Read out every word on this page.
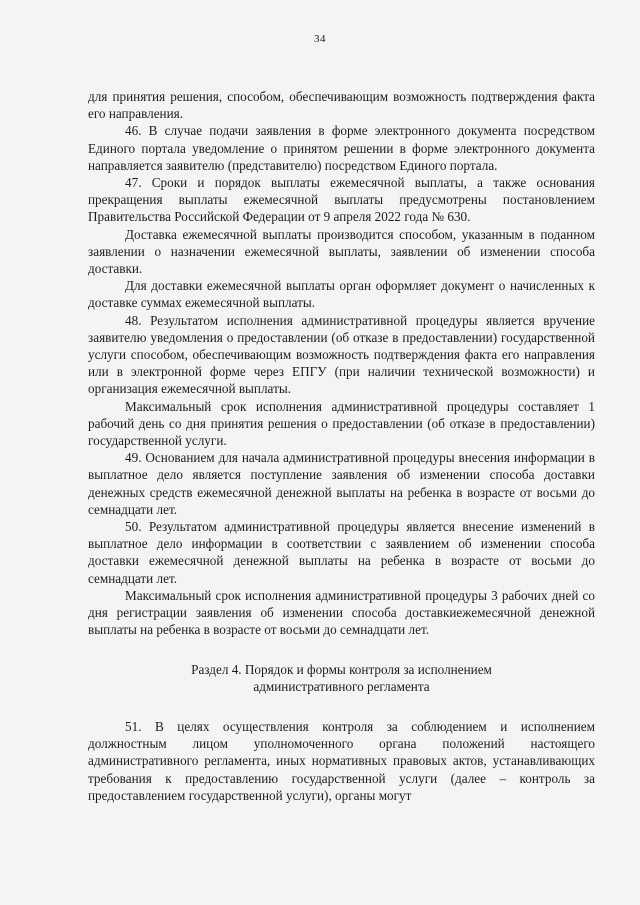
34

для принятия решения, способом, обеспечивающим возможность подтверждения факта его направления.

46. В случае подачи заявления в форме электронного документа посредством Единого портала уведомление о принятом решении в форме электронного документа направляется заявителю (представителю) посредством Единого портала.

47. Сроки и порядок выплаты ежемесячной выплаты, а также основания прекращения выплаты ежемесячной выплаты предусмотрены постановлением Правительства Российской Федерации от 9 апреля 2022 года № 630.

Доставка ежемесячной выплаты производится способом, указанным в поданном заявлении о назначении ежемесячной выплаты, заявлении об изменении способа доставки.

Для доставки ежемесячной выплаты орган оформляет документ о начисленных к доставке суммах ежемесячной выплаты.

48. Результатом исполнения административной процедуры является вручение заявителю уведомления о предоставлении (об отказе в предоставлении) государственной услуги способом, обеспечивающим возможность подтверждения факта его направления или в электронной форме через ЕПГУ (при наличии технической возможности) и организация ежемесячной выплаты.

Максимальный срок исполнения административной процедуры составляет 1 рабочий день со дня принятия решения о предоставлении (об отказе в предоставлении) государственной услуги.

49. Основанием для начала административной процедуры внесения информации в выплатное дело является поступление заявления об изменении способа доставки денежных средств ежемесячной денежной выплаты на ребенка в возрасте от восьми до семнадцати лет.

50. Результатом административной процедуры является внесение изменений в выплатное дело информации в соответствии с заявлением об изменении способа доставки ежемесячной денежной выплаты на ребенка в возрасте от восьми до семнадцати лет.

Максимальный срок исполнения административной процедуры 3 рабочих дней со дня регистрации заявления об изменении способа доставкиежемесячной денежной выплаты на ребенка в возрасте от восьми до семнадцати лет.

Раздел 4. Порядок и формы контроля за исполнением
административного регламента

51. В целях осуществления контроля за соблюдением и исполнением должностным лицом уполномоченного органа положений настоящего административного регламента, иных нормативных правовых актов, устанавливающих требования к предоставлению государственной услуги (далее – контроль за предоставлением государственной услуги), органы могут
